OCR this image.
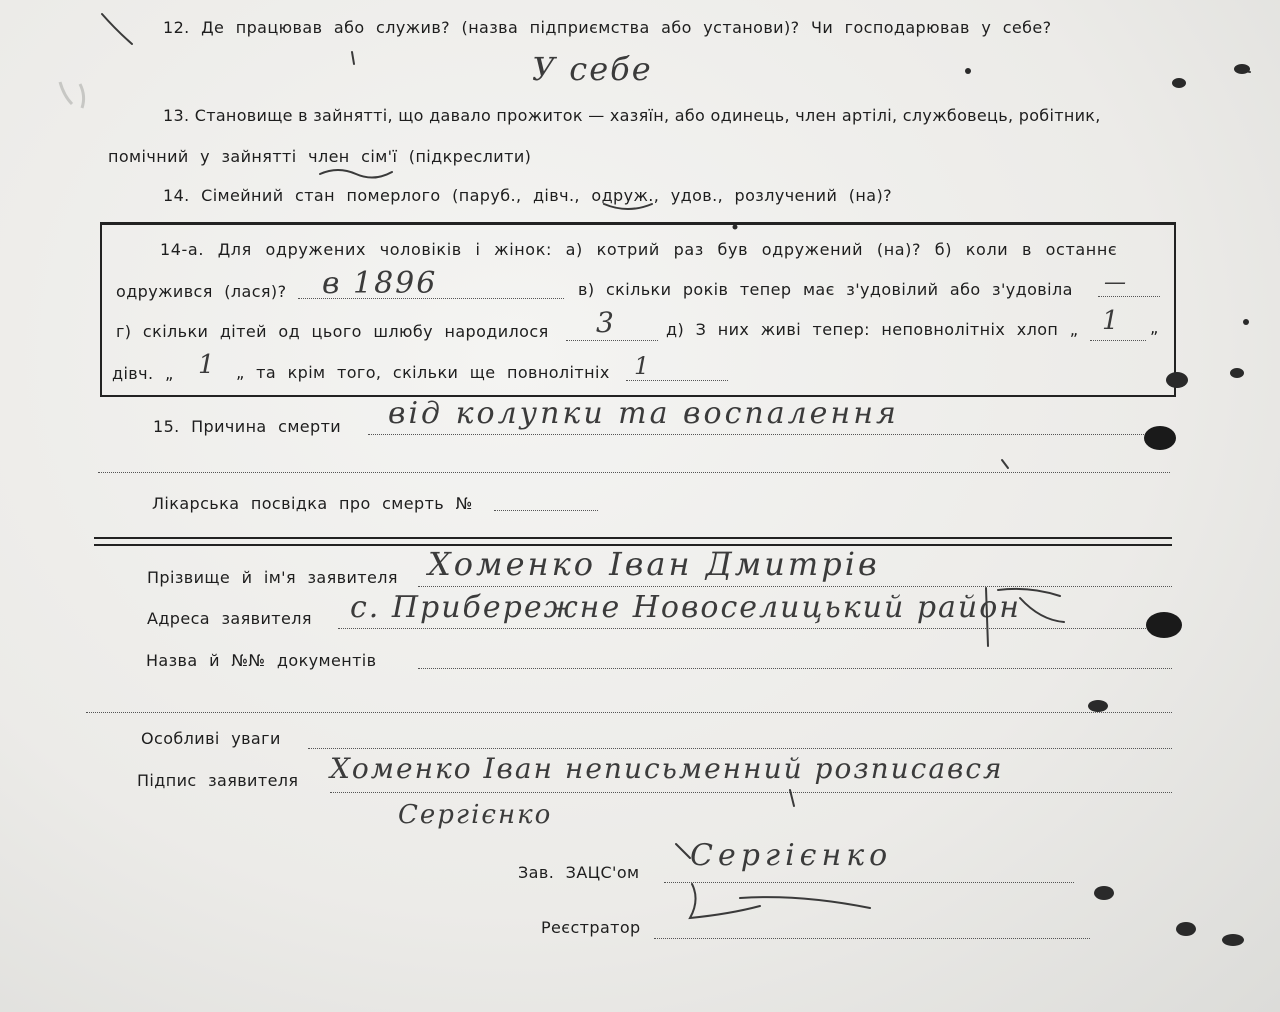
12. Де працював або служив? (назва підприємства або установи)? Чи господарював у себе?
У себе
13. Становище в зайнятті, що давало прожиток — хазяїн, або одинець, член артілі, службовець, робітник,
помічний у зайнятті член сім'ї (підкреслити)
14. Сімейний стан померлого (паруб., дівч., одруж., удов., розлучений (на)?
14-а. Для одружених чоловіків і жінок: а) котрий раз був одружений (на)? б) коли в останнє
одружився (лася)? в 1896	в) скільки років тепер має з'удовілий або з'удовіла —
г) скільки дітей од цього шлюбу народилося 3	д) З них живі тепер: неповнолітніх хлоп „ 1 „
дівч. „ 1 „ та крім того, скільки ще повнолітніх 1
15. Причина смерти від колупки та воспалення
Лікарська посвідка про смерть №
Прізвище й ім'я заявителя Хоменко Іван Дмитрів
Адреса заявителя с. Прибережне Новоселицький район
Назва й №№ документів
Особливі уваги
Підпис заявителя Хоменко Іван неписьменний розписався
Сергієнко
Зав. ЗАЦС'ом Сергієнко
Реєстратор
